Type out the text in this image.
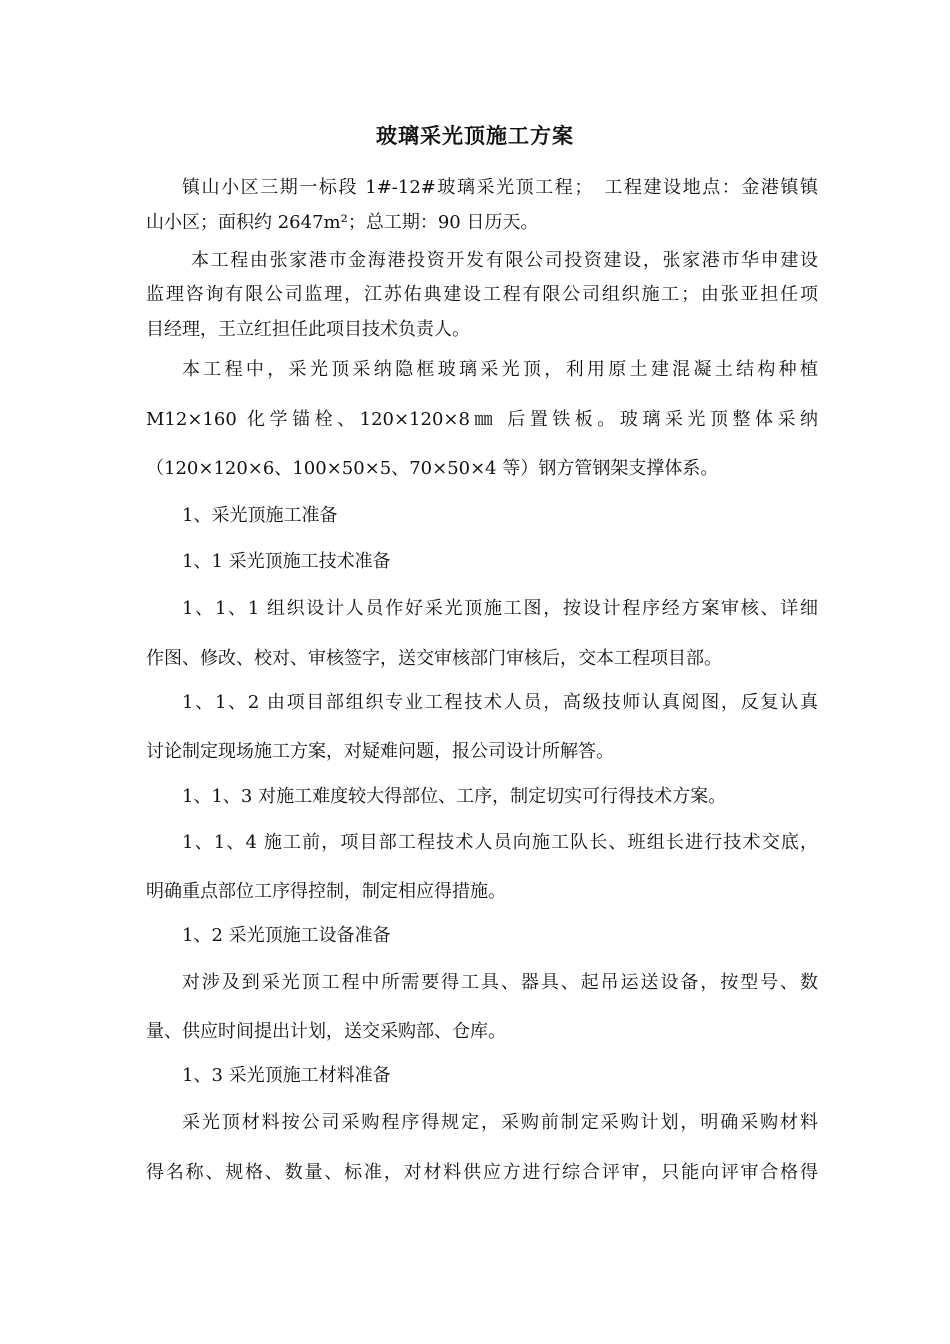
玻璃采光顶施工方案
镇山小区三期一标段 1#-12#玻璃采光顶工程；　工程建设地点：金港镇镇
山小区；面积约 2647m²；总工期：90 日历天。
本工程由张家港市金海港投资开发有限公司投资建设，张家港市华申建设
监理咨询有限公司监理，江苏佑典建设工程有限公司组织施工；由张亚担任项
目经理，王立红担任此项目技术负责人。
本工程中，采光顶采纳隐框玻璃采光顶，利用原土建混凝土结构种植
M12×160 化学锚栓、120×120×8㎜ 后置铁板。玻璃采光顶整体采纳
（120×120×6、100×50×5、70×50×4 等）钢方管钢架支撑体系。
1、采光顶施工准备
1、1 采光顶施工技术准备
1、1、1 组织设计人员作好采光顶施工图，按设计程序经方案审核、详细
作图、修改、校对、审核签字，送交审核部门审核后，交本工程项目部。
1、1、2 由项目部组织专业工程技术人员，高级技师认真阅图，反复认真
讨论制定现场施工方案，对疑难问题，报公司设计所解答。
1、1、3 对施工难度较大得部位、工序，制定切实可行得技术方案。
1、1、4 施工前，项目部工程技术人员向施工队长、班组长进行技术交底，
明确重点部位工序得控制，制定相应得措施。
1、2 采光顶施工设备准备
对涉及到采光顶工程中所需要得工具、器具、起吊运送设备，按型号、数
量、供应时间提出计划，送交采购部、仓库。
1、3 采光顶施工材料准备
采光顶材料按公司采购程序得规定，采购前制定采购计划，明确采购材料
得名称、规格、数量、标准，对材料供应方进行综合评审，只能向评审合格得
